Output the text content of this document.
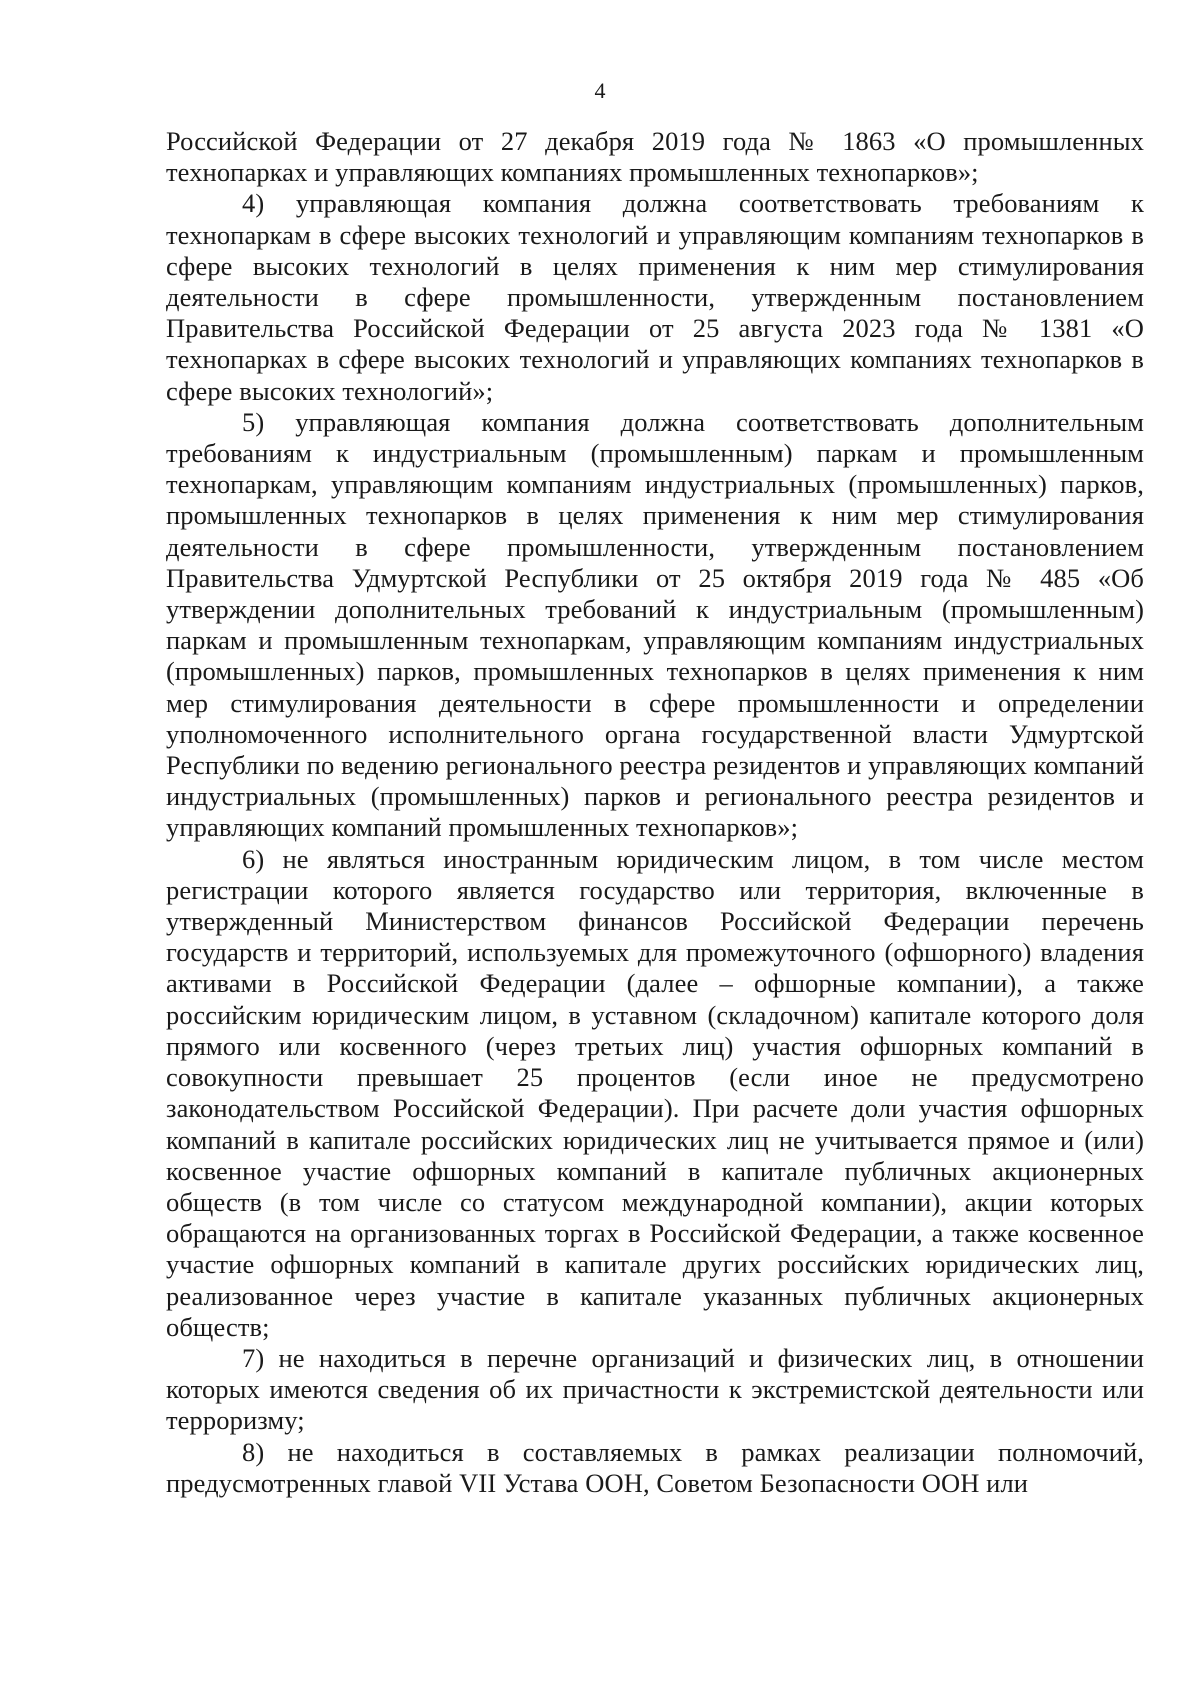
4

Российской Федерации от 27 декабря 2019 года № 1863 «О промышленных технопарках и управляющих компаниях промышленных технопарков»;

4) управляющая компания должна соответствовать требованиям к технопаркам в сфере высоких технологий и управляющим компаниям технопарков в сфере высоких технологий в целях применения к ним мер стимулирования деятельности в сфере промышленности, утвержденным постановлением Правительства Российской Федерации от 25 августа 2023 года № 1381 «О технопарках в сфере высоких технологий и управляющих компаниях технопарков в сфере высоких технологий»;

5) управляющая компания должна соответствовать дополнительным требованиям к индустриальным (промышленным) паркам и промышленным технопаркам, управляющим компаниям индустриальных (промышленных) парков, промышленных технопарков в целях применения к ним мер стимулирования деятельности в сфере промышленности, утвержденным постановлением Правительства Удмуртской Республики от 25 октября 2019 года № 485 «Об утверждении дополнительных требований к индустриальным (промышленным) паркам и промышленным технопаркам, управляющим компаниям индустриальных (промышленных) парков, промышленных технопарков в целях применения к ним мер стимулирования деятельности в сфере промышленности и определении уполномоченного исполнительного органа государственной власти Удмуртской Республики по ведению регионального реестра резидентов и управляющих компаний индустриальных (промышленных) парков и регионального реестра резидентов и управляющих компаний промышленных технопарков»;

6) не являться иностранным юридическим лицом, в том числе местом регистрации которого является государство или территория, включенные в утвержденный Министерством финансов Российской Федерации перечень государств и территорий, используемых для промежуточного (офшорного) владения активами в Российской Федерации (далее – офшорные компании), а также российским юридическим лицом, в уставном (складочном) капитале которого доля прямого или косвенного (через третьих лиц) участия офшорных компаний в совокупности превышает 25 процентов (если иное не предусмотрено законодательством Российской Федерации). При расчете доли участия офшорных компаний в капитале российских юридических лиц не учитывается прямое и (или) косвенное участие офшорных компаний в капитале публичных акционерных обществ (в том числе со статусом международной компании), акции которых обращаются на организованных торгах в Российской Федерации, а также косвенное участие офшорных компаний в капитале других российских юридических лиц, реализованное через участие в капитале указанных публичных акционерных обществ;

7) не находиться в перечне организаций и физических лиц, в отношении которых имеются сведения об их причастности к экстремистской деятельности или терроризму;

8) не находиться в составляемых в рамках реализации полномочий, предусмотренных главой VII Устава ООН, Советом Безопасности ООН или
